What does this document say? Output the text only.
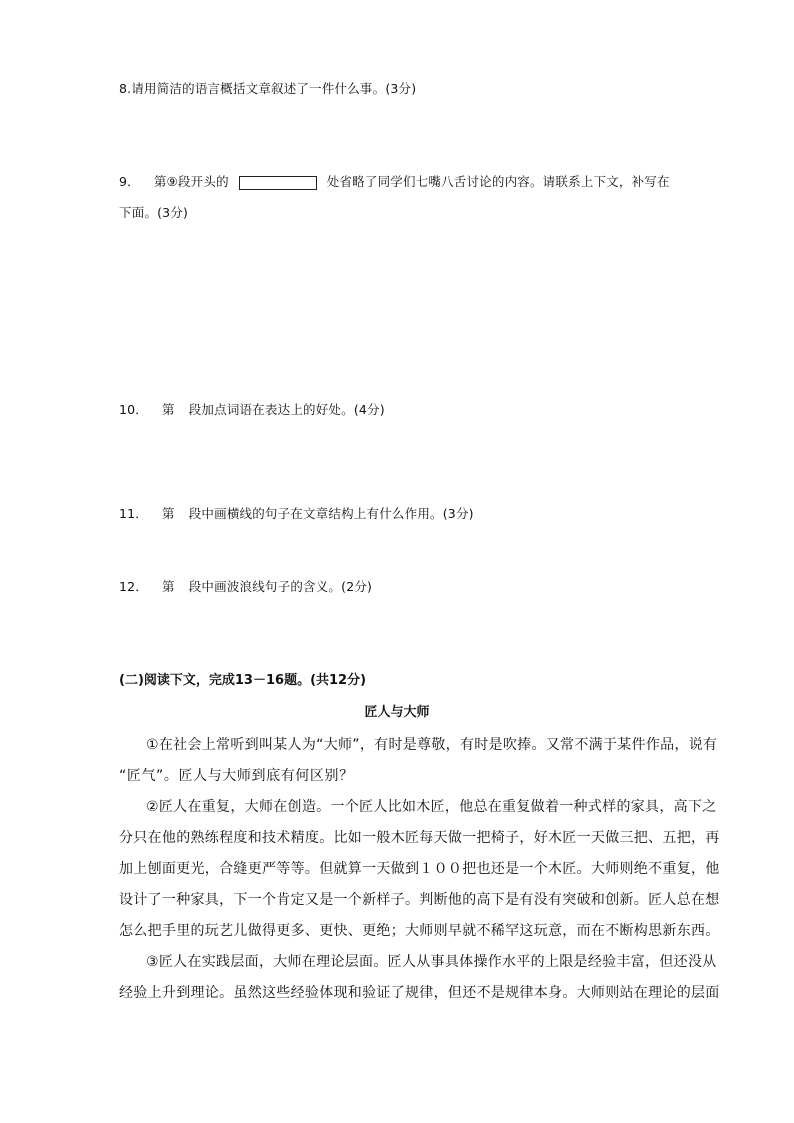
8.请用简洁的语言概括文章叙述了一件什么事。(3分)
9． 第⑨段开头的	处省略了同学们七嘴八舌讨论的内容。请联系上下文，补写在
下面。(3分)
10． 第 段加点词语在表达上的好处。(4分)
11． 第 段中画横线的句子在文章结构上有什么作用。(3分)
12． 第 段中画波浪线句子的含义。(2分)
(二)阅读下文，完成13－16题。(共12分)
匠人与大师
①在社会上常听到叫某人为“大师”，有时是尊敬，有时是吹捧。又常不满于某件作品，说有
“匠气”。匠人与大师到底有何区别？
②匠人在重复，大师在创造。一个匠人比如木匠，他总在重复做着一种式样的家具，高下之
分只在他的熟练程度和技术精度。比如一般木匠每天做一把椅子，好木匠一天做三把、五把，再
加上刨面更光，合缝更严等等。但就算一天做到１００把也还是一个木匠。大师则绝不重复，他
设计了一种家具，下一个肯定又是一个新样子。判断他的高下是有没有突破和创新。匠人总在想
怎么把手里的玩艺儿做得更多、更快、更绝；大师则早就不稀罕这玩意，而在不断构思新东西。
③匠人在实践层面，大师在理论层面。匠人从事具体操作水平的上限是经验丰富，但还没从
经验上升到理论。虽然这些经验体现和验证了规律，但还不是规律本身。大师则站在理论的层面
